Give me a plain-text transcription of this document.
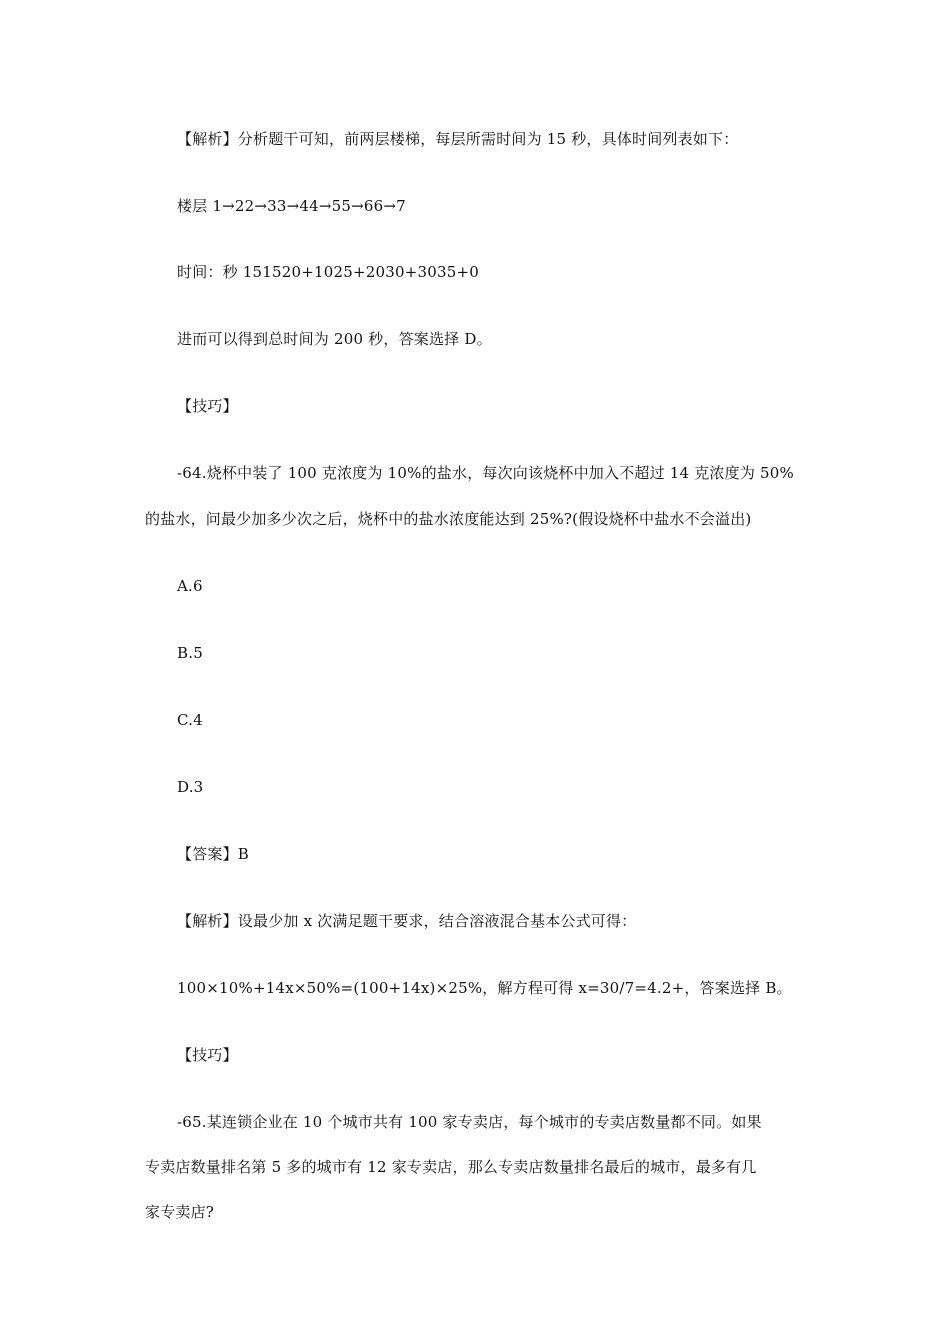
【解析】分析题干可知，前两层楼梯，每层所需时间为 15 秒，具体时间列表如下：
楼层 1→22→33→44→55→66→7
时间：秒 151520+1025+2030+3035+0
进而可以得到总时间为 200 秒，答案选择 D。
【技巧】
-64.烧杯中装了 100 克浓度为 10%的盐水，每次向该烧杯中加入不超过 14 克浓度为 50%
的盐水，问最少加多少次之后，烧杯中的盐水浓度能达到 25%?(假设烧杯中盐水不会溢出)
A.6
B.5
C.4
D.3
【答案】B
【解析】设最少加 x 次满足题干要求，结合溶液混合基本公式可得：
100×10%+14x×50%=(100+14x)×25%，解方程可得 x=30/7=4.2+，答案选择 B。
【技巧】
-65.某连锁企业在 10 个城市共有 100 家专卖店，每个城市的专卖店数量都不同。如果
专卖店数量排名第 5 多的城市有 12 家专卖店，那么专卖店数量排名最后的城市，最多有几
家专卖店?
